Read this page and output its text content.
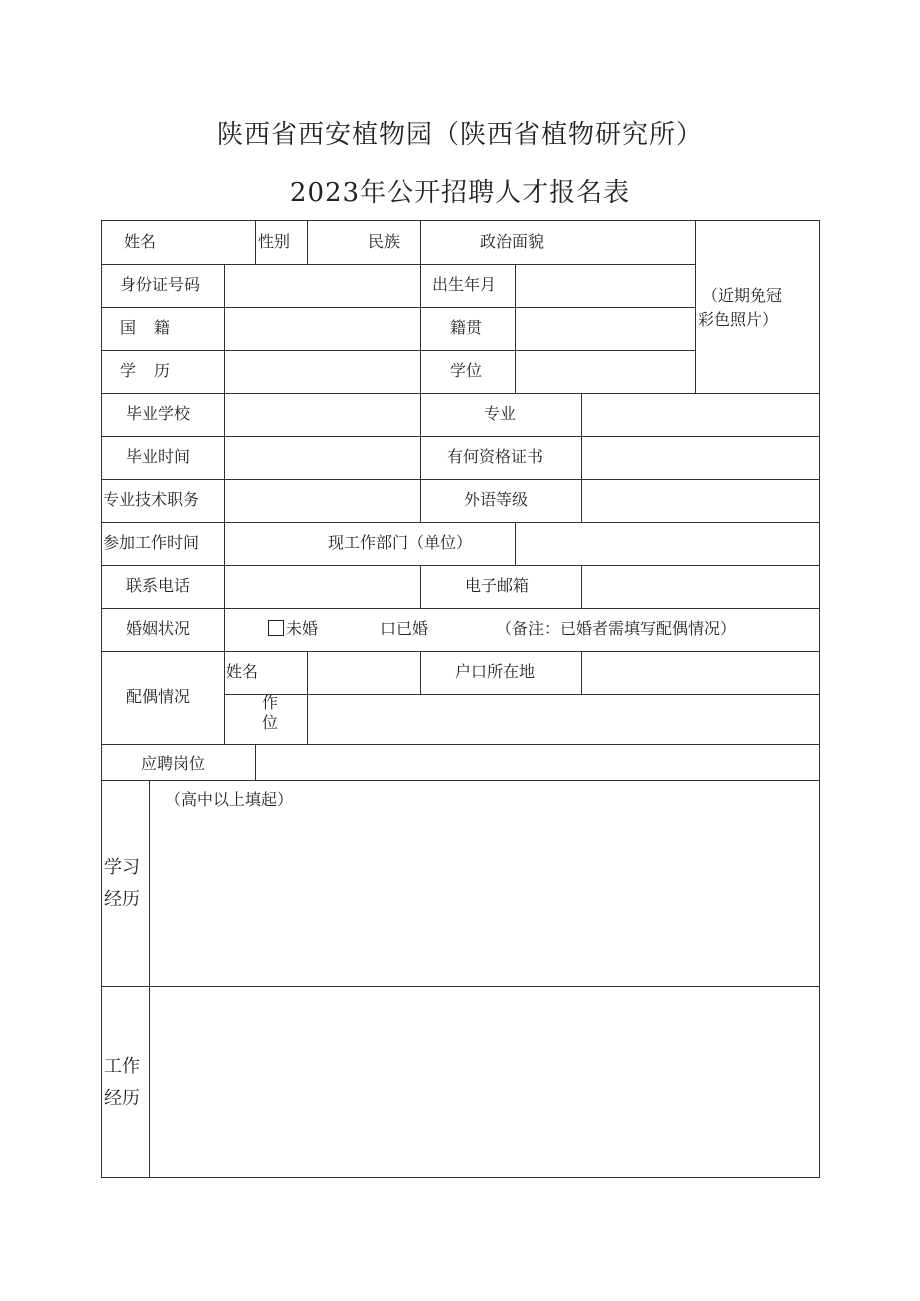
陕西省西安植物园（陕西省植物研究所）
2023年公开招聘人才报名表
姓名	性别	民族	政治面貌
（近期免冠
彩色照片）
身份证号码	出生年月
国籍	籍贯
学历	学位
毕业学校	专业
毕业时间	有何资格证书
专业技术职务	外语等级
参加工作时间	现工作部门（单位）
联系电话	电子邮箱
婚姻状况	未婚	口已婚	（备注：已婚者需填写配偶情况）
配偶情况
姓名	户口所在地
作
位
应聘岗位
学习
经历
（高中以上填起）
工作
经历
